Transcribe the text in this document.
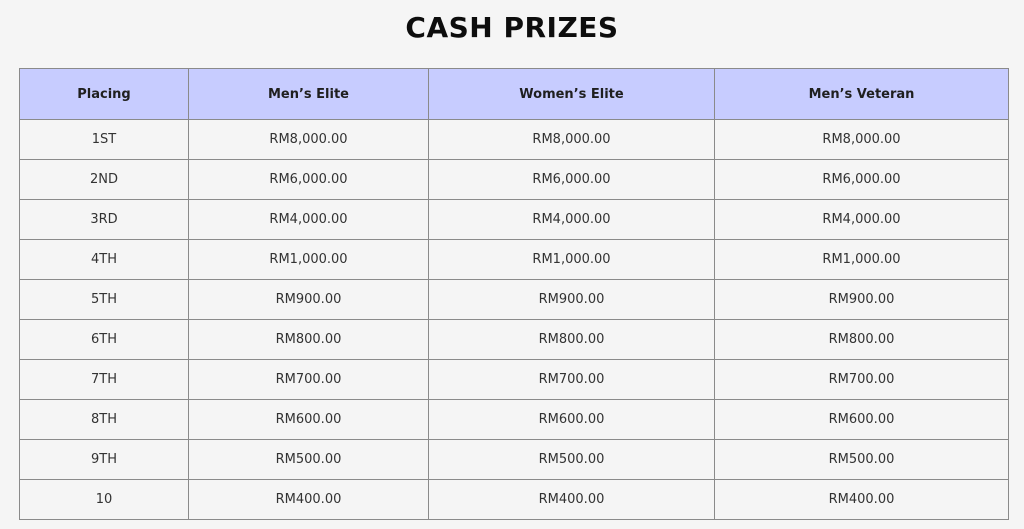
CASH PRIZES
Placing	Men’s Elite	Women’s Elite	Men’s Veteran
1ST	RM8,000.00	RM8,000.00	RM8,000.00
2ND	RM6,000.00	RM6,000.00	RM6,000.00
3RD	RM4,000.00	RM4,000.00	RM4,000.00
4TH	RM1,000.00	RM1,000.00	RM1,000.00
5TH	RM900.00	RM900.00	RM900.00
6TH	RM800.00	RM800.00	RM800.00
7TH	RM700.00	RM700.00	RM700.00
8TH	RM600.00	RM600.00	RM600.00
9TH	RM500.00	RM500.00	RM500.00
10	RM400.00	RM400.00	RM400.00
